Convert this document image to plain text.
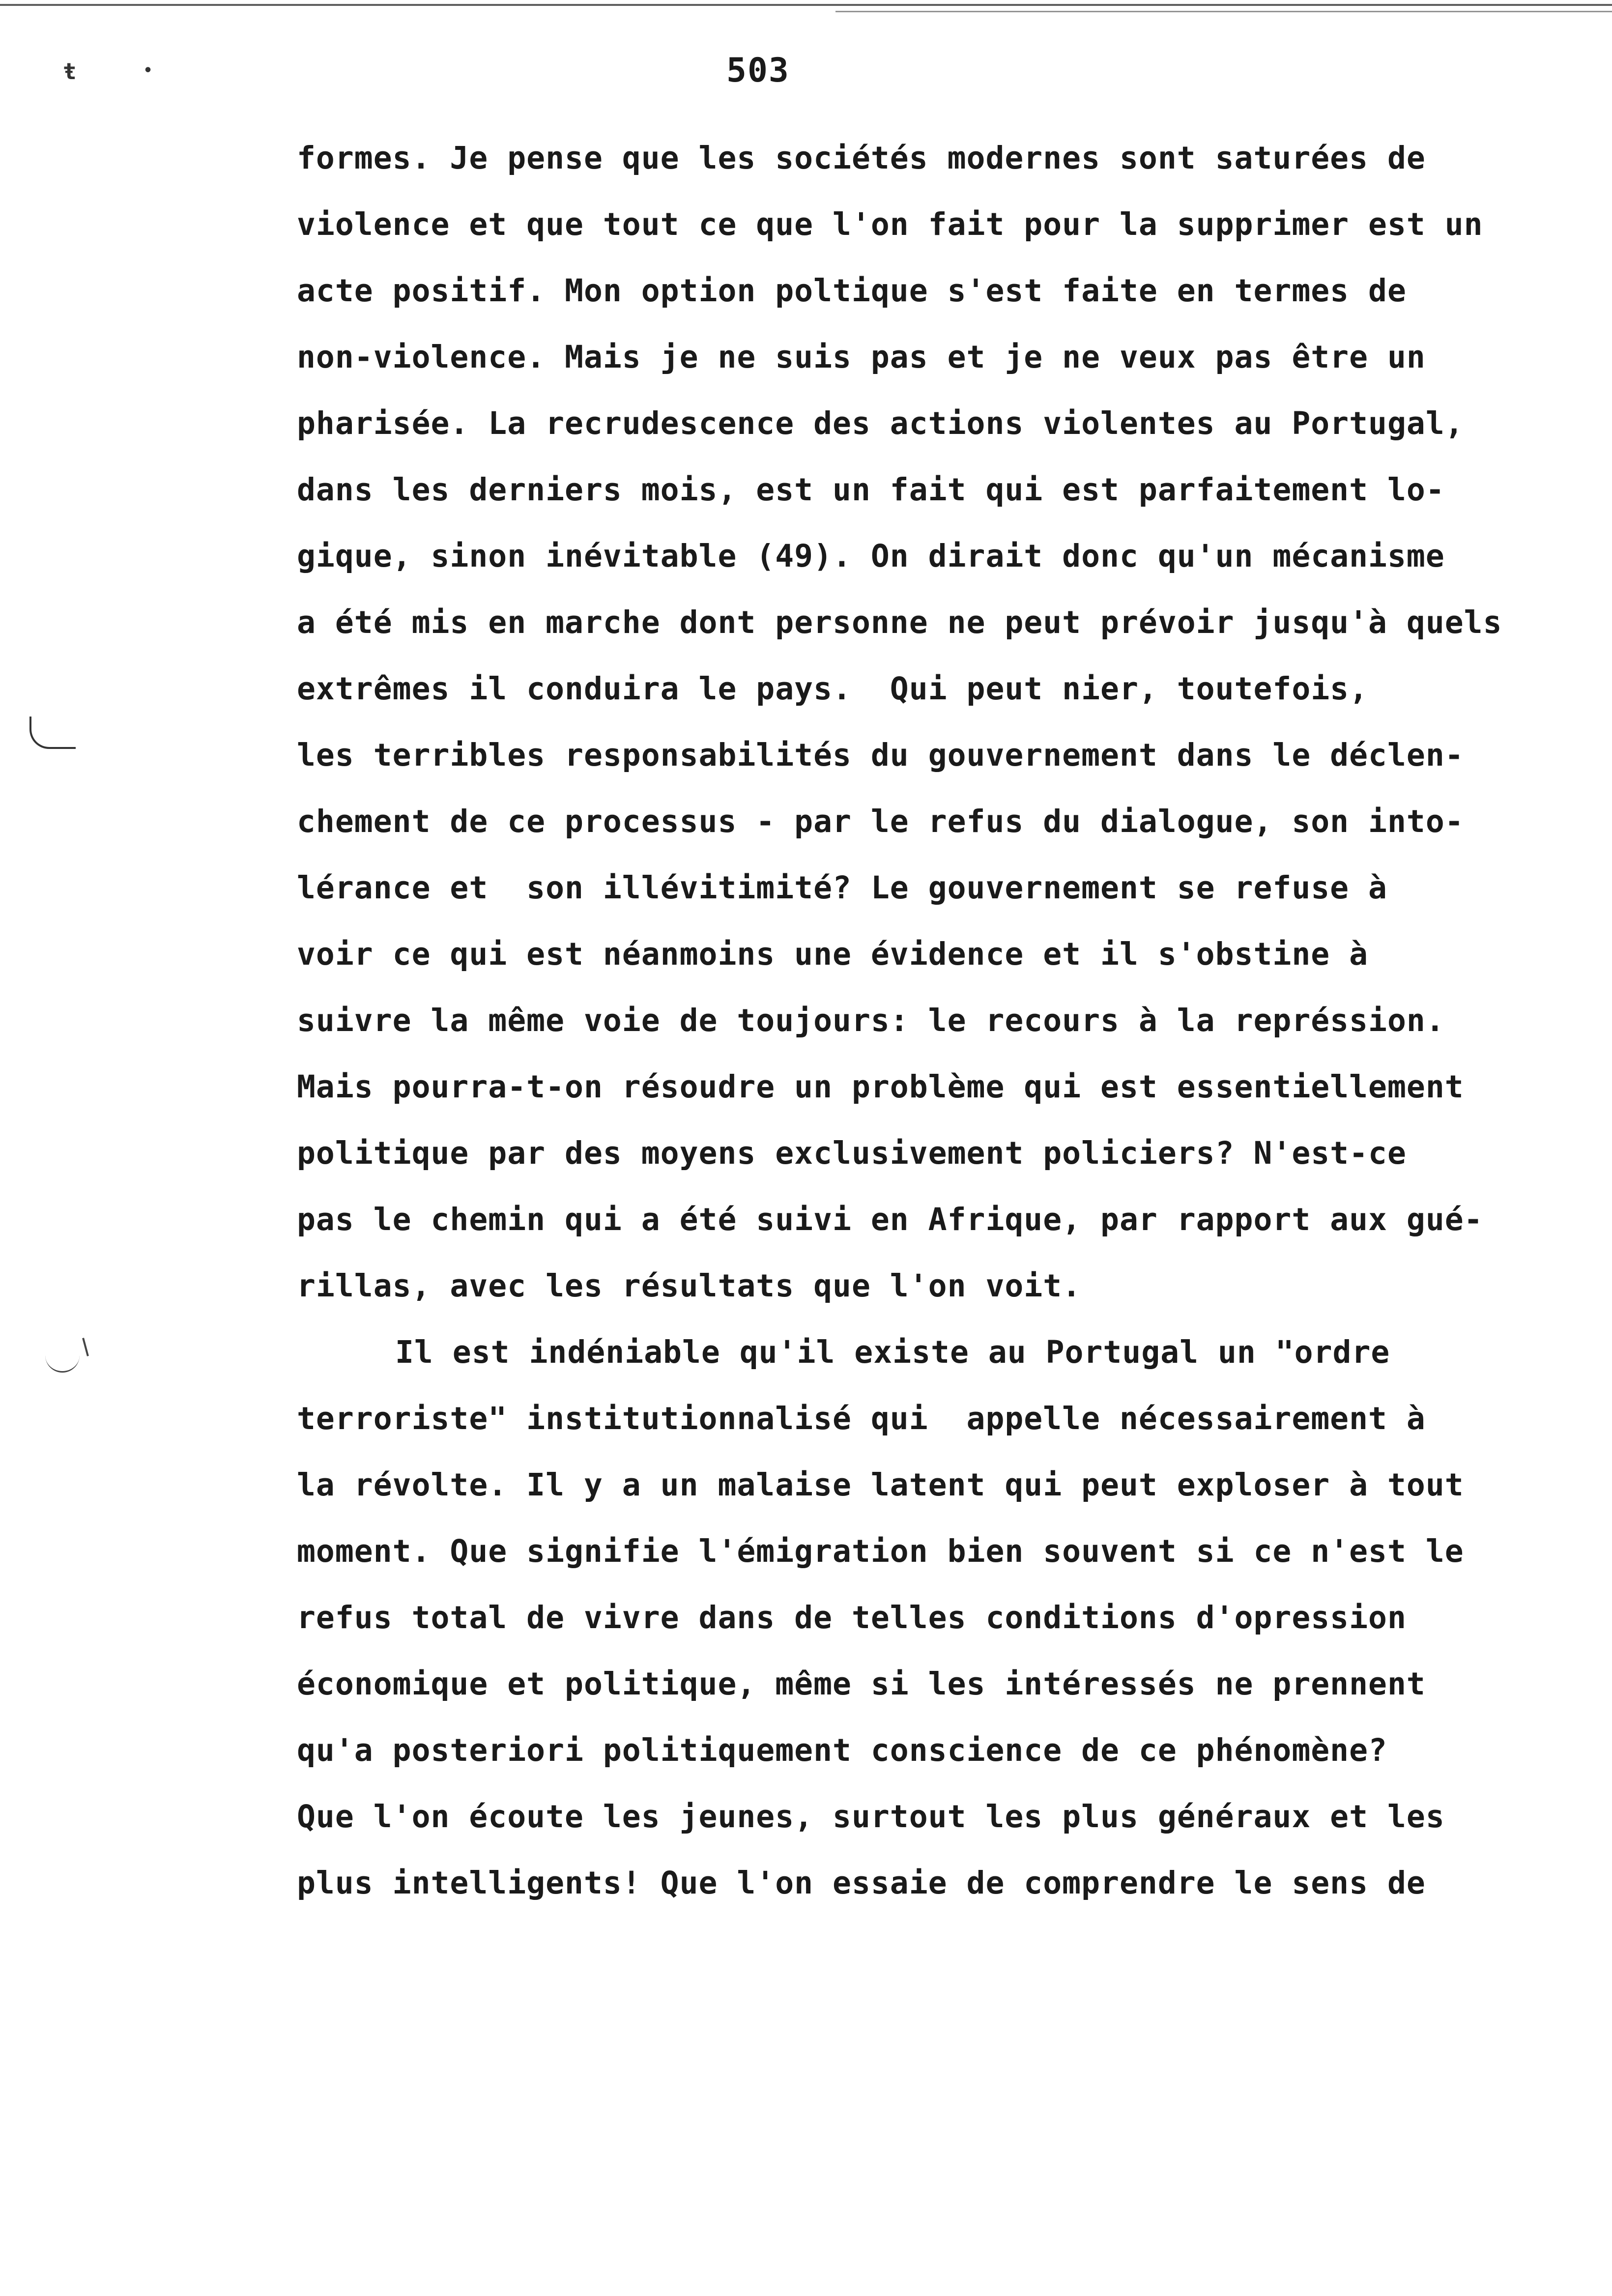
ŧ	•	503
formes. Je pense que les sociétés modernes sont saturées de
violence et que tout ce que l'on fait pour la supprimer est un
acte positif. Mon option poltique s'est faite en termes de
non-violence. Mais je ne suis pas et je ne veux pas être un
pharisée. La recrudescence des actions violentes au Portugal,
dans les derniers mois, est un fait qui est parfaitement lo-
gique, sinon inévitable (49). On dirait donc qu'un mécanisme
a été mis en marche dont personne ne peut prévoir jusqu'à quels
extrêmes il conduira le pays.  Qui peut nier, toutefois,
les terribles responsabilités du gouvernement dans le déclen-
chement de ce processus - par le refus du dialogue, son into-
lérance et  son illévitimité? Le gouvernement se refuse à
voir ce qui est néanmoins une évidence et il s'obstine à
suivre la même voie de toujours: le recours à la représsion.
Mais pourra-t-on résoudre un problème qui est essentiellement
politique par des moyens exclusivement policiers? N'est-ce
pas le chemin qui a été suivi en Afrique, par rapport aux gué-
rillas, avec les résultats que l'on voit.
Il est indéniable qu'il existe au Portugal un "ordre
terroriste" institutionnalisé qui  appelle nécessairement à
la révolte. Il y a un malaise latent qui peut exploser à tout
moment. Que signifie l'émigration bien souvent si ce n'est le
refus total de vivre dans de telles conditions d'opression
économique et politique, même si les intéressés ne prennent
qu'a posteriori politiquement conscience de ce phénomène?
Que l'on écoute les jeunes, surtout les plus généraux et les
plus intelligents! Que l'on essaie de comprendre le sens de
